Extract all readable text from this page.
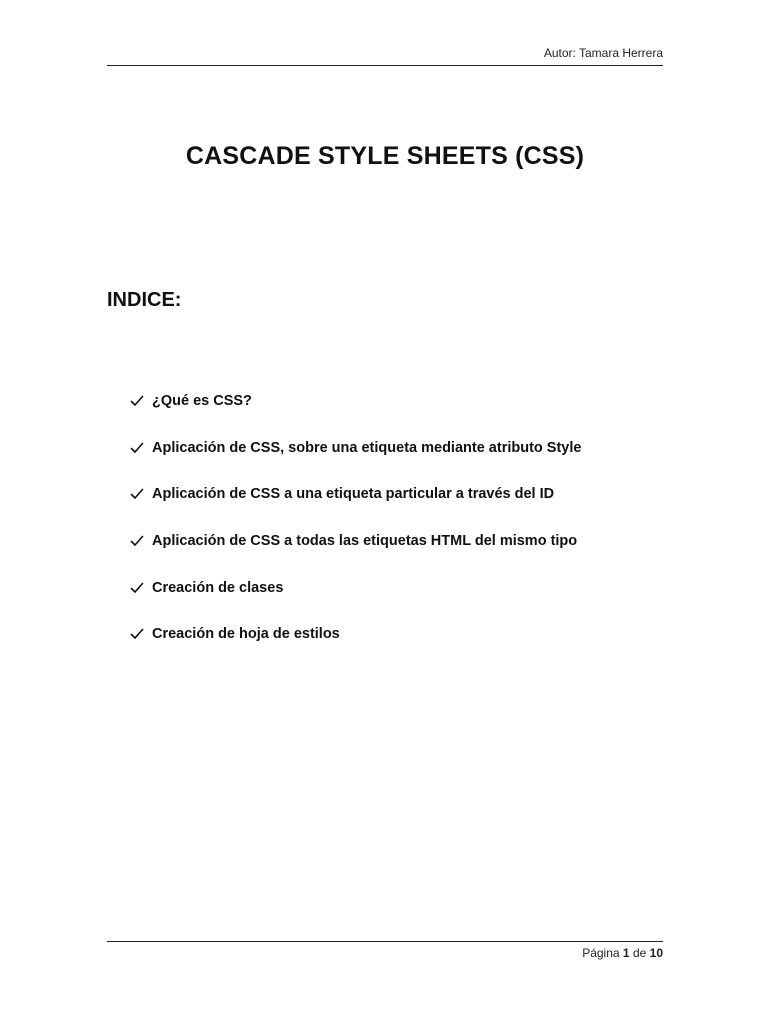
Autor: Tamara Herrera
CASCADE STYLE SHEETS (CSS)
INDICE:
¿Qué es CSS?
Aplicación de CSS, sobre una etiqueta mediante atributo Style
Aplicación de CSS a una etiqueta particular a través del ID
Aplicación de CSS a todas las etiquetas HTML del mismo tipo
Creación de clases
Creación de hoja de estilos
Página 1 de 10
